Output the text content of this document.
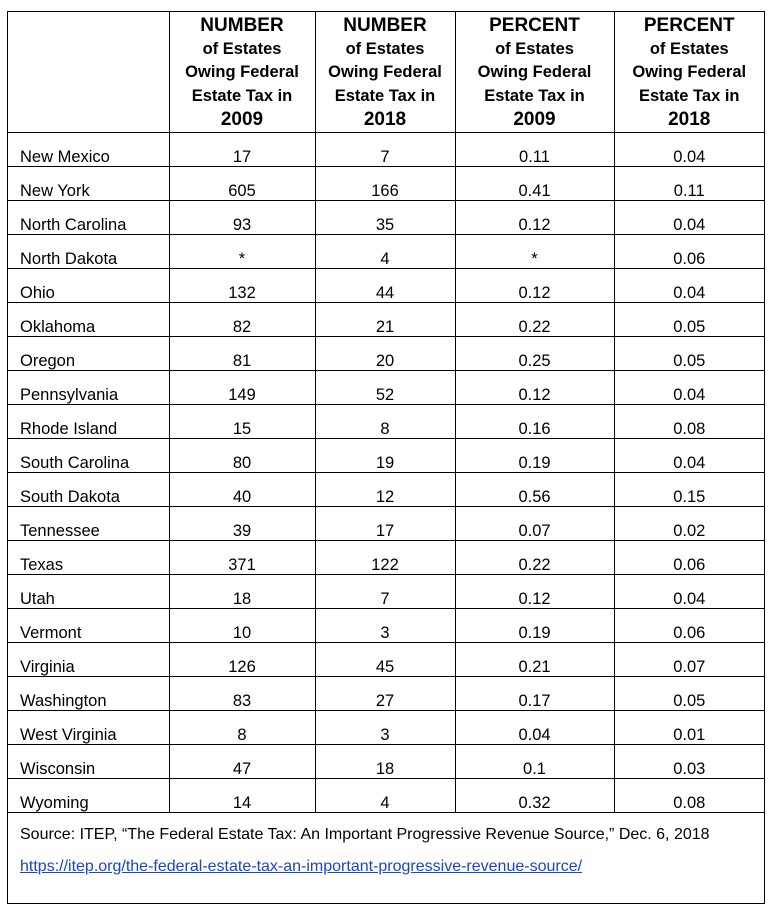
	NUMBER
of Estates
Owing Federal
Estate Tax in
2009	NUMBER
of Estates
Owing Federal
Estate Tax in
2018	PERCENT
of Estates
Owing Federal
Estate Tax in
2009	PERCENT
of Estates
Owing Federal
Estate Tax in
2018

New Mexico	17	7	0.11	0.04
New York	605	166	0.41	0.11
North Carolina	93	35	0.12	0.04
North Dakota	*	4	*	0.06
Ohio	132	44	0.12	0.04
Oklahoma	82	21	0.22	0.05
Oregon	81	20	0.25	0.05
Pennsylvania	149	52	0.12	0.04
Rhode Island	15	8	0.16	0.08
South Carolina	80	19	0.19	0.04
South Dakota	40	12	0.56	0.15
Tennessee	39	17	0.07	0.02
Texas	371	122	0.22	0.06
Utah	18	7	0.12	0.04
Vermont	10	3	0.19	0.06
Virginia	126	45	0.21	0.07
Washington	83	27	0.17	0.05
West Virginia	8	3	0.04	0.01
Wisconsin	47	18	0.1	0.03
Wyoming	14	4	0.32	0.08

Source: ITEP, “The Federal Estate Tax: An Important Progressive Revenue Source,” Dec. 6, 2018
https://itep.org/the-federal-estate-tax-an-important-progressive-revenue-source/				
